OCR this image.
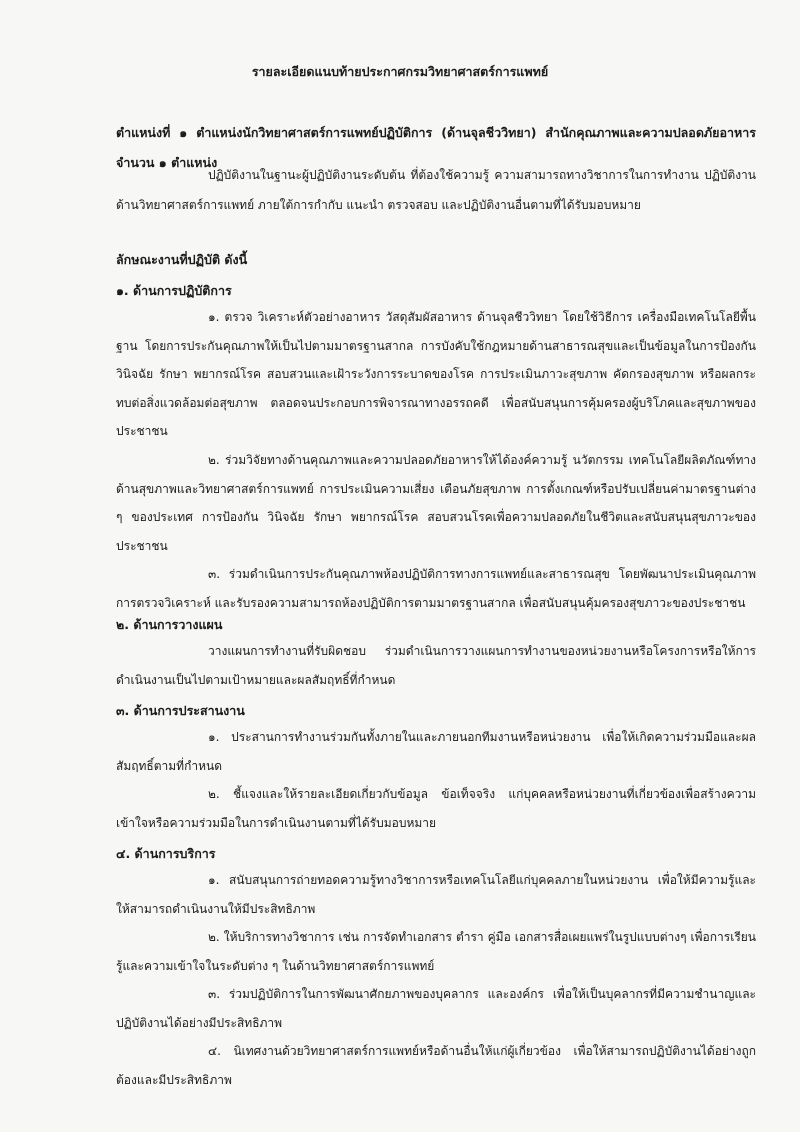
รายละเอียดแนบท้ายประกาศกรมวิทยาศาสตร์การแพทย์
ตำแหน่งที่ ๑ ตำแหน่งนักวิทยาศาสตร์การแพทย์ปฏิบัติการ (ด้านจุลชีววิทยา) สำนักคุณภาพและความปลอดภัยอาหาร จำนวน ๑ ตำแหน่ง
ปฏิบัติงานในฐานะผู้ปฏิบัติงานระดับต้น ที่ต้องใช้ความรู้ ความสามารถทางวิชาการในการทำงาน ปฏิบัติงานด้านวิทยาศาสตร์การแพทย์ ภายใต้การกำกับ แนะนำ ตรวจสอบ และปฏิบัติงานอื่นตามที่ได้รับมอบหมาย
ลักษณะงานที่ปฏิบัติ ดังนี้
๑. ด้านการปฏิบัติการ
๑. ตรวจ วิเคราะห์ตัวอย่างอาหาร วัสดุสัมผัสอาหาร ด้านจุลชีววิทยา โดยใช้วิธีการ เครื่องมือเทคโนโลยีพื้นฐาน โดยการประกันคุณภาพให้เป็นไปตามมาตรฐานสากล การบังคับใช้กฎหมายด้านสาธารณสุขและเป็นข้อมูลในการป้องกัน วินิจฉัย รักษา พยากรณ์โรค สอบสวนและเฝ้าระวังการระบาดของโรค การประเมินภาวะสุขภาพ คัดกรองสุขภาพ หรือผลกระทบต่อสิ่งแวดล้อมต่อสุขภาพ ตลอดจนประกอบการพิจารณาทางอรรถคดี เพื่อสนับสนุนการคุ้มครองผู้บริโภคและสุขภาพของประชาชน
๒. ร่วมวิจัยทางด้านคุณภาพและความปลอดภัยอาหารให้ได้องค์ความรู้ นวัตกรรม เทคโนโลยีผลิตภัณฑ์ทางด้านสุขภาพและวิทยาศาสตร์การแพทย์ การประเมินความเสี่ยง เตือนภัยสุขภาพ การตั้งเกณฑ์หรือปรับเปลี่ยนค่ามาตรฐานต่าง ๆ ของประเทศ การป้องกัน วินิจฉัย รักษา พยากรณ์โรค สอบสวนโรคเพื่อความปลอดภัยในชีวิตและสนับสนุนสุขภาวะของประชาชน
๓. ร่วมดำเนินการประกันคุณภาพห้องปฏิบัติการทางการแพทย์และสาธารณสุข โดยพัฒนาประเมินคุณภาพการตรวจวิเคราะห์ และรับรองความสามารถห้องปฏิบัติการตามมาตรฐานสากล เพื่อสนับสนุนคุ้มครองสุขภาวะของประชาชน
๒. ด้านการวางแผน
วางแผนการทำงานที่รับผิดชอบ ร่วมดำเนินการวางแผนการทำงานของหน่วยงานหรือโครงการหรือให้การดำเนินงานเป็นไปตามเป้าหมายและผลสัมฤทธิ์ที่กำหนด
๓. ด้านการประสานงาน
๑. ประสานการทำงานร่วมกันทั้งภายในและภายนอกทีมงานหรือหน่วยงาน เพื่อให้เกิดความร่วมมือและผลสัมฤทธิ์ตามที่กำหนด
๒. ชี้แจงและให้รายละเอียดเกี่ยวกับข้อมูล ข้อเท็จจริง แก่บุคคลหรือหน่วยงานที่เกี่ยวข้องเพื่อสร้างความเข้าใจหรือความร่วมมือในการดำเนินงานตามที่ได้รับมอบหมาย
๔. ด้านการบริการ
๑. สนับสนุนการถ่ายทอดความรู้ทางวิชาการหรือเทคโนโลยีแก่บุคคลภายในหน่วยงาน เพื่อให้มีความรู้และให้สามารถดำเนินงานให้มีประสิทธิภาพ
๒. ให้บริการทางวิชาการ เช่น การจัดทำเอกสาร ตำรา คู่มือ เอกสารสื่อเผยแพร่ในรูปแบบต่างๆ เพื่อการเรียนรู้และความเข้าใจในระดับต่าง ๆ ในด้านวิทยาศาสตร์การแพทย์
๓. ร่วมปฏิบัติการในการพัฒนาศักยภาพของบุคลากร และองค์กร เพื่อให้เป็นบุคลากรที่มีความชำนาญและปฏิบัติงานได้อย่างมีประสิทธิภาพ
๔. นิเทศงานด้วยวิทยาศาสตร์การแพทย์หรือด้านอื่นให้แก่ผู้เกี่ยวข้อง เพื่อให้สามารถปฏิบัติงานได้อย่างถูกต้องและมีประสิทธิภาพ
